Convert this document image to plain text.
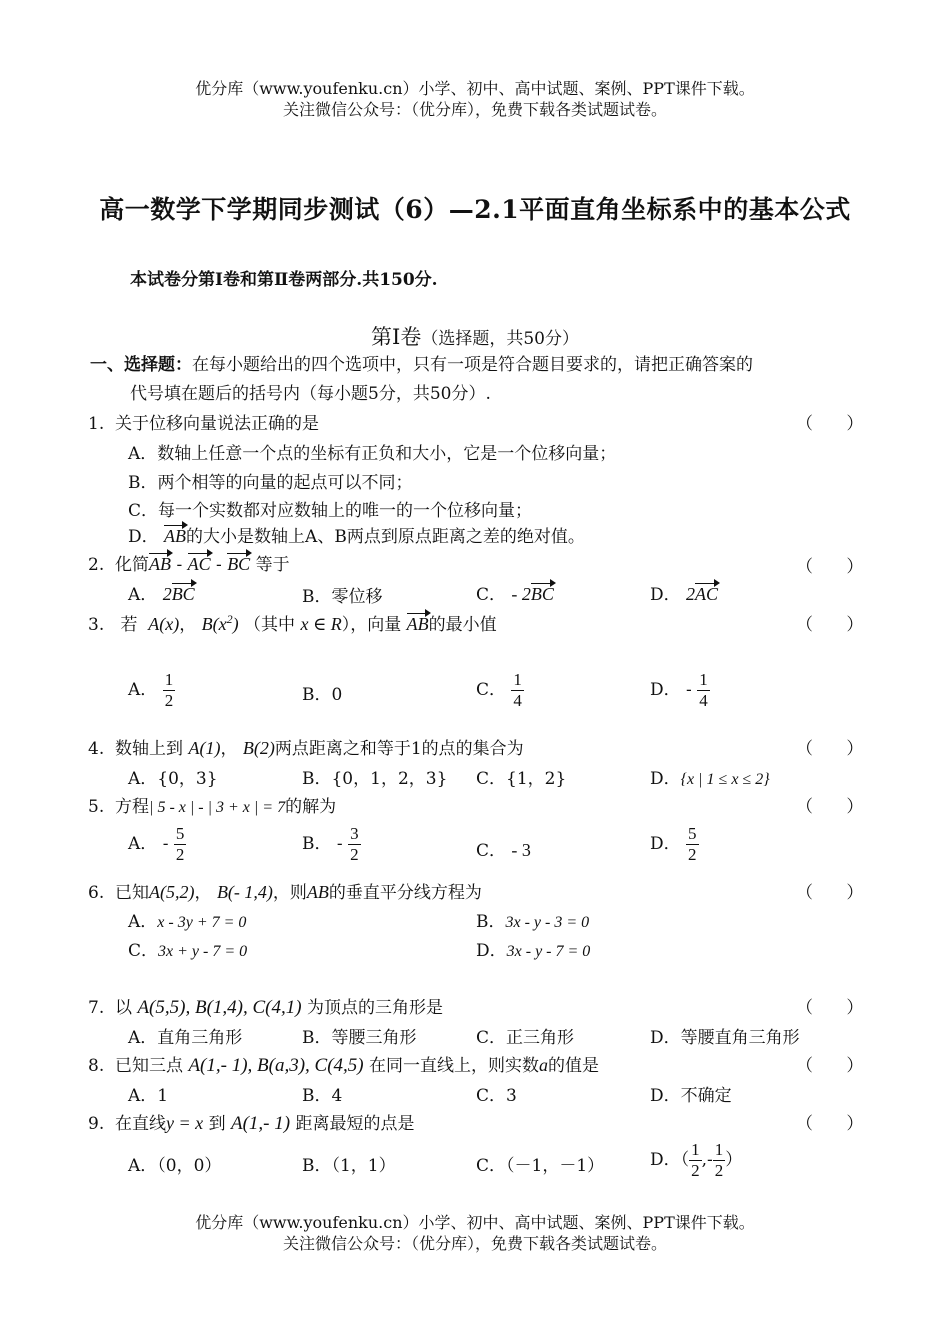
优分库（www.youfenku.cn）小学、初中、高中试题、案例、PPT课件下载。
关注微信公众号：（优分库），免费下载各类试题试卷。
高一数学下学期同步测试（6）—2.1平面直角坐标系中的基本公式
本试卷分第Ⅰ卷和第Ⅱ卷两部分.共150分.
第Ⅰ卷（选择题，共50分）
一、选择题：在每小题给出的四个选项中，只有一项是符合题目要求的，请把正确答案的
代号填在题后的括号内（每小题5分，共50分）.
1. 关于位移向量说法正确的是	（ ）
A．数轴上任意一个点的坐标有正负和大小，它是一个位移向量；
B．两个相等的向量的起点可以不同；
C．每一个实数都对应数轴上的唯一的一个位移向量；
D． AB的大小是数轴上A、B两点到原点距离之差的绝对值。
2. 化简AB - AC - BC 等于	（ ）
A． 2BC	B．零位移	C． - 2BC	D． 2AC
3. 若 A(x)， $B(x^2)$ （其中 x ∈ R），向量 AB的最小值	（ ）
A． $\frac{1}{2}$	B．0	C． $\frac{1}{4}$	D． - $\frac{1}{4}$
4. 数轴上到 A(1)， B(2)两点距离之和等于1的点的集合为	（ ）
A．{0，3}	B．{0，1，2，3} C．{1，2}	D．{x | 1 ≤ x ≤ 2}
5. 方程| 5 - x | - | 3 + x | = 7的解为	（ ）
A． - $\frac{5}{2}$	B． - $\frac{3}{2}$	C． - 3	D． $\frac{5}{2}$
6. 已知A(5,2)， B(- 1,4)，则AB的垂直平分线方程为	（ ）
A．x - 3y + 7 = 0	B．3x - y - 3 = 0
C．3x + y - 7 = 0	D．3x - y - 7 = 0
7. 以 A(5,5), B(1,4), C(4,1) 为顶点的三角形是	（ ）
A．直角三角形	B．等腰三角形	C．正三角形	D．等腰直角三角形
8. 已知三点 A(1,- 1), B(a,3), C(4,5) 在同一直线上，则实数a的值是	（ ）
A．1	B．4	C．3	D．不确定
9. 在直线y = x 到 A(1,- 1) 距离最短的点是	（ ）
A．（0，0）	B．（1，1）	C．（－1，－1）	D．（ $\frac{1}{2}$ ,- $\frac{1}{2}$ ）
优分库（www.youfenku.cn）小学、初中、高中试题、案例、PPT课件下载。
关注微信公众号：（优分库），免费下载各类试题试卷。
